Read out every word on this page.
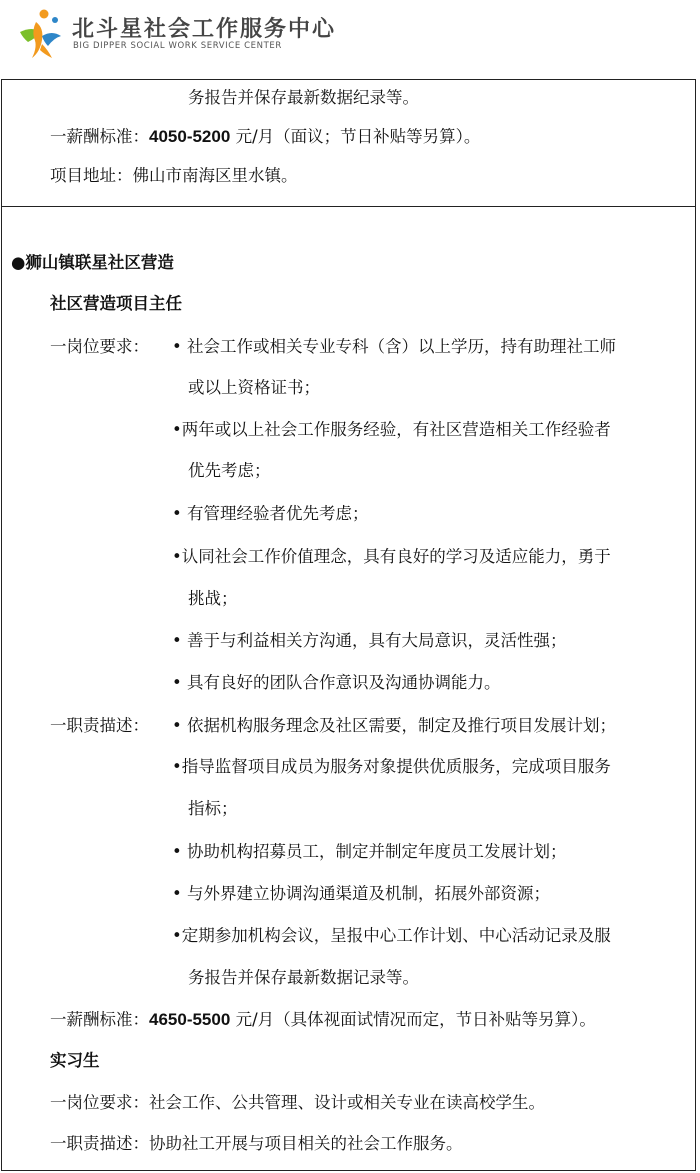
北斗星社会工作服务中心
BIG DIPPER SOCIAL WORK SERVICE CENTER
务报告并保存最新数据纪录等。
一薪酬标准：4050-5200 元/月（面议；节日补贴等另算）。
项目地址：佛山市南海区里水镇。
●狮山镇联星社区营造
社区营造项目主任
一岗位要求： • 社会工作或相关专业专科（含）以上学历，持有助理社工师
或以上资格证书；
•两年或以上社会工作服务经验，有社区营造相关工作经验者
优先考虑；
• 有管理经验者优先考虑；
•认同社会工作价值理念，具有良好的学习及适应能力，勇于
挑战；
• 善于与利益相关方沟通，具有大局意识，灵活性强；
• 具有良好的团队合作意识及沟通协调能力。
一职责描述： • 依据机构服务理念及社区需要，制定及推行项目发展计划；
•指导监督项目成员为服务对象提供优质服务，完成项目服务
指标；
• 协助机构招募员工，制定并制定年度员工发展计划；
• 与外界建立协调沟通渠道及机制，拓展外部资源；
•定期参加机构会议，呈报中心工作计划、中心活动记录及服
务报告并保存最新数据记录等。
一薪酬标准：4650-5500 元/月（具体视面试情况而定，节日补贴等另算）。
实习生
一岗位要求：社会工作、公共管理、设计或相关专业在读高校学生。
一职责描述：协助社工开展与项目相关的社会工作服务。
